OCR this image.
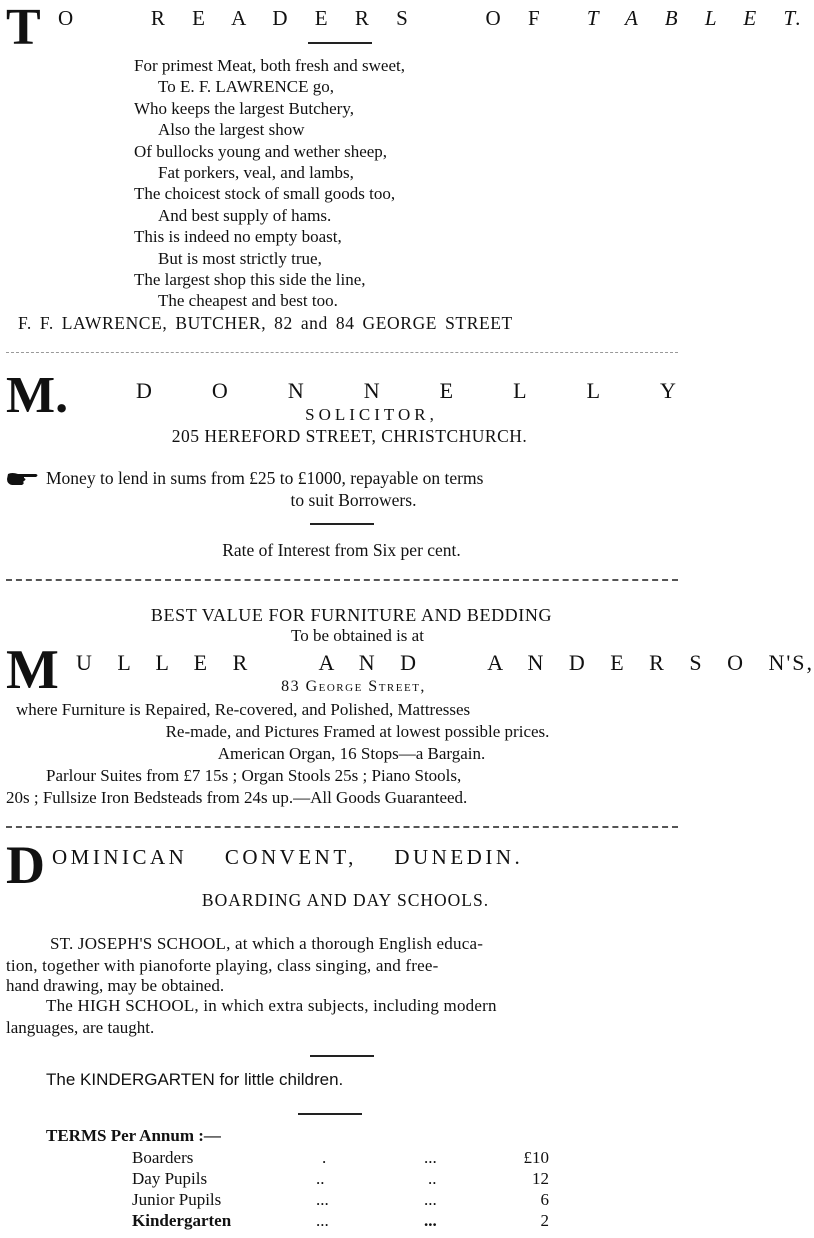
T O   R E A D E R S   O F T A B L E T.
For primest Meat, both fresh and sweet,
To E. F. LAWRENCE go,
Who keeps the largest Butchery,
Also the largest show
Of bullocks young and wether sheep,
Fat porkers, veal, and lambs,
The choicest stock of small goods too,
And best supply of hams.
This is indeed no empty boast,
But is most strictly true,
The largest shop this side the line,
The cheapest and best too.
F. F. LAWRENCE, BUTCHER, 82 and 84 GEORGE STREET
M.	D	O	N	N	E	L	L	Y
SOLICITOR,
205 HEREFORD STREET, CHRISTCHURCH.
Money to lend in sums from £25 to £1000, repayable on terms
to suit Borrowers.
Rate of Interest from Six per cent.
BEST VALUE FOR FURNITURE AND BEDDING
To be obtained is at
M U L L E R   A N D   A N D E R S O N'S,
83 George Street,
where Furniture is Repaired, Re-covered, and Polished, Mattresses
Re-made, and Pictures Framed at lowest possible prices.
American Organ, 16 Stops—a Bargain.
Parlour Suites from £7 15s ; Organ Stools 25s ; Piano Stools,
20s ; Fullsize Iron Bedsteads from 24s up.—All Goods Guaranteed.
D OMINICAN  CONVENT,  DUNEDIN.
BOARDING AND DAY SCHOOLS.
ST. JOSEPH'S SCHOOL, at which a thorough English educa-
tion, together with pianoforte playing, class singing, and free-
hand drawing, may be obtained.
The HIGH SCHOOL, in which extra subjects, including modern
languages, are taught.
The KINDERGARTEN for little children.
TERMS Per Annum :—
Boarders	.	...	£10
Day Pupils	..	..	12
Junior Pupils	...	...	6
Kindergarten	...	...	2
